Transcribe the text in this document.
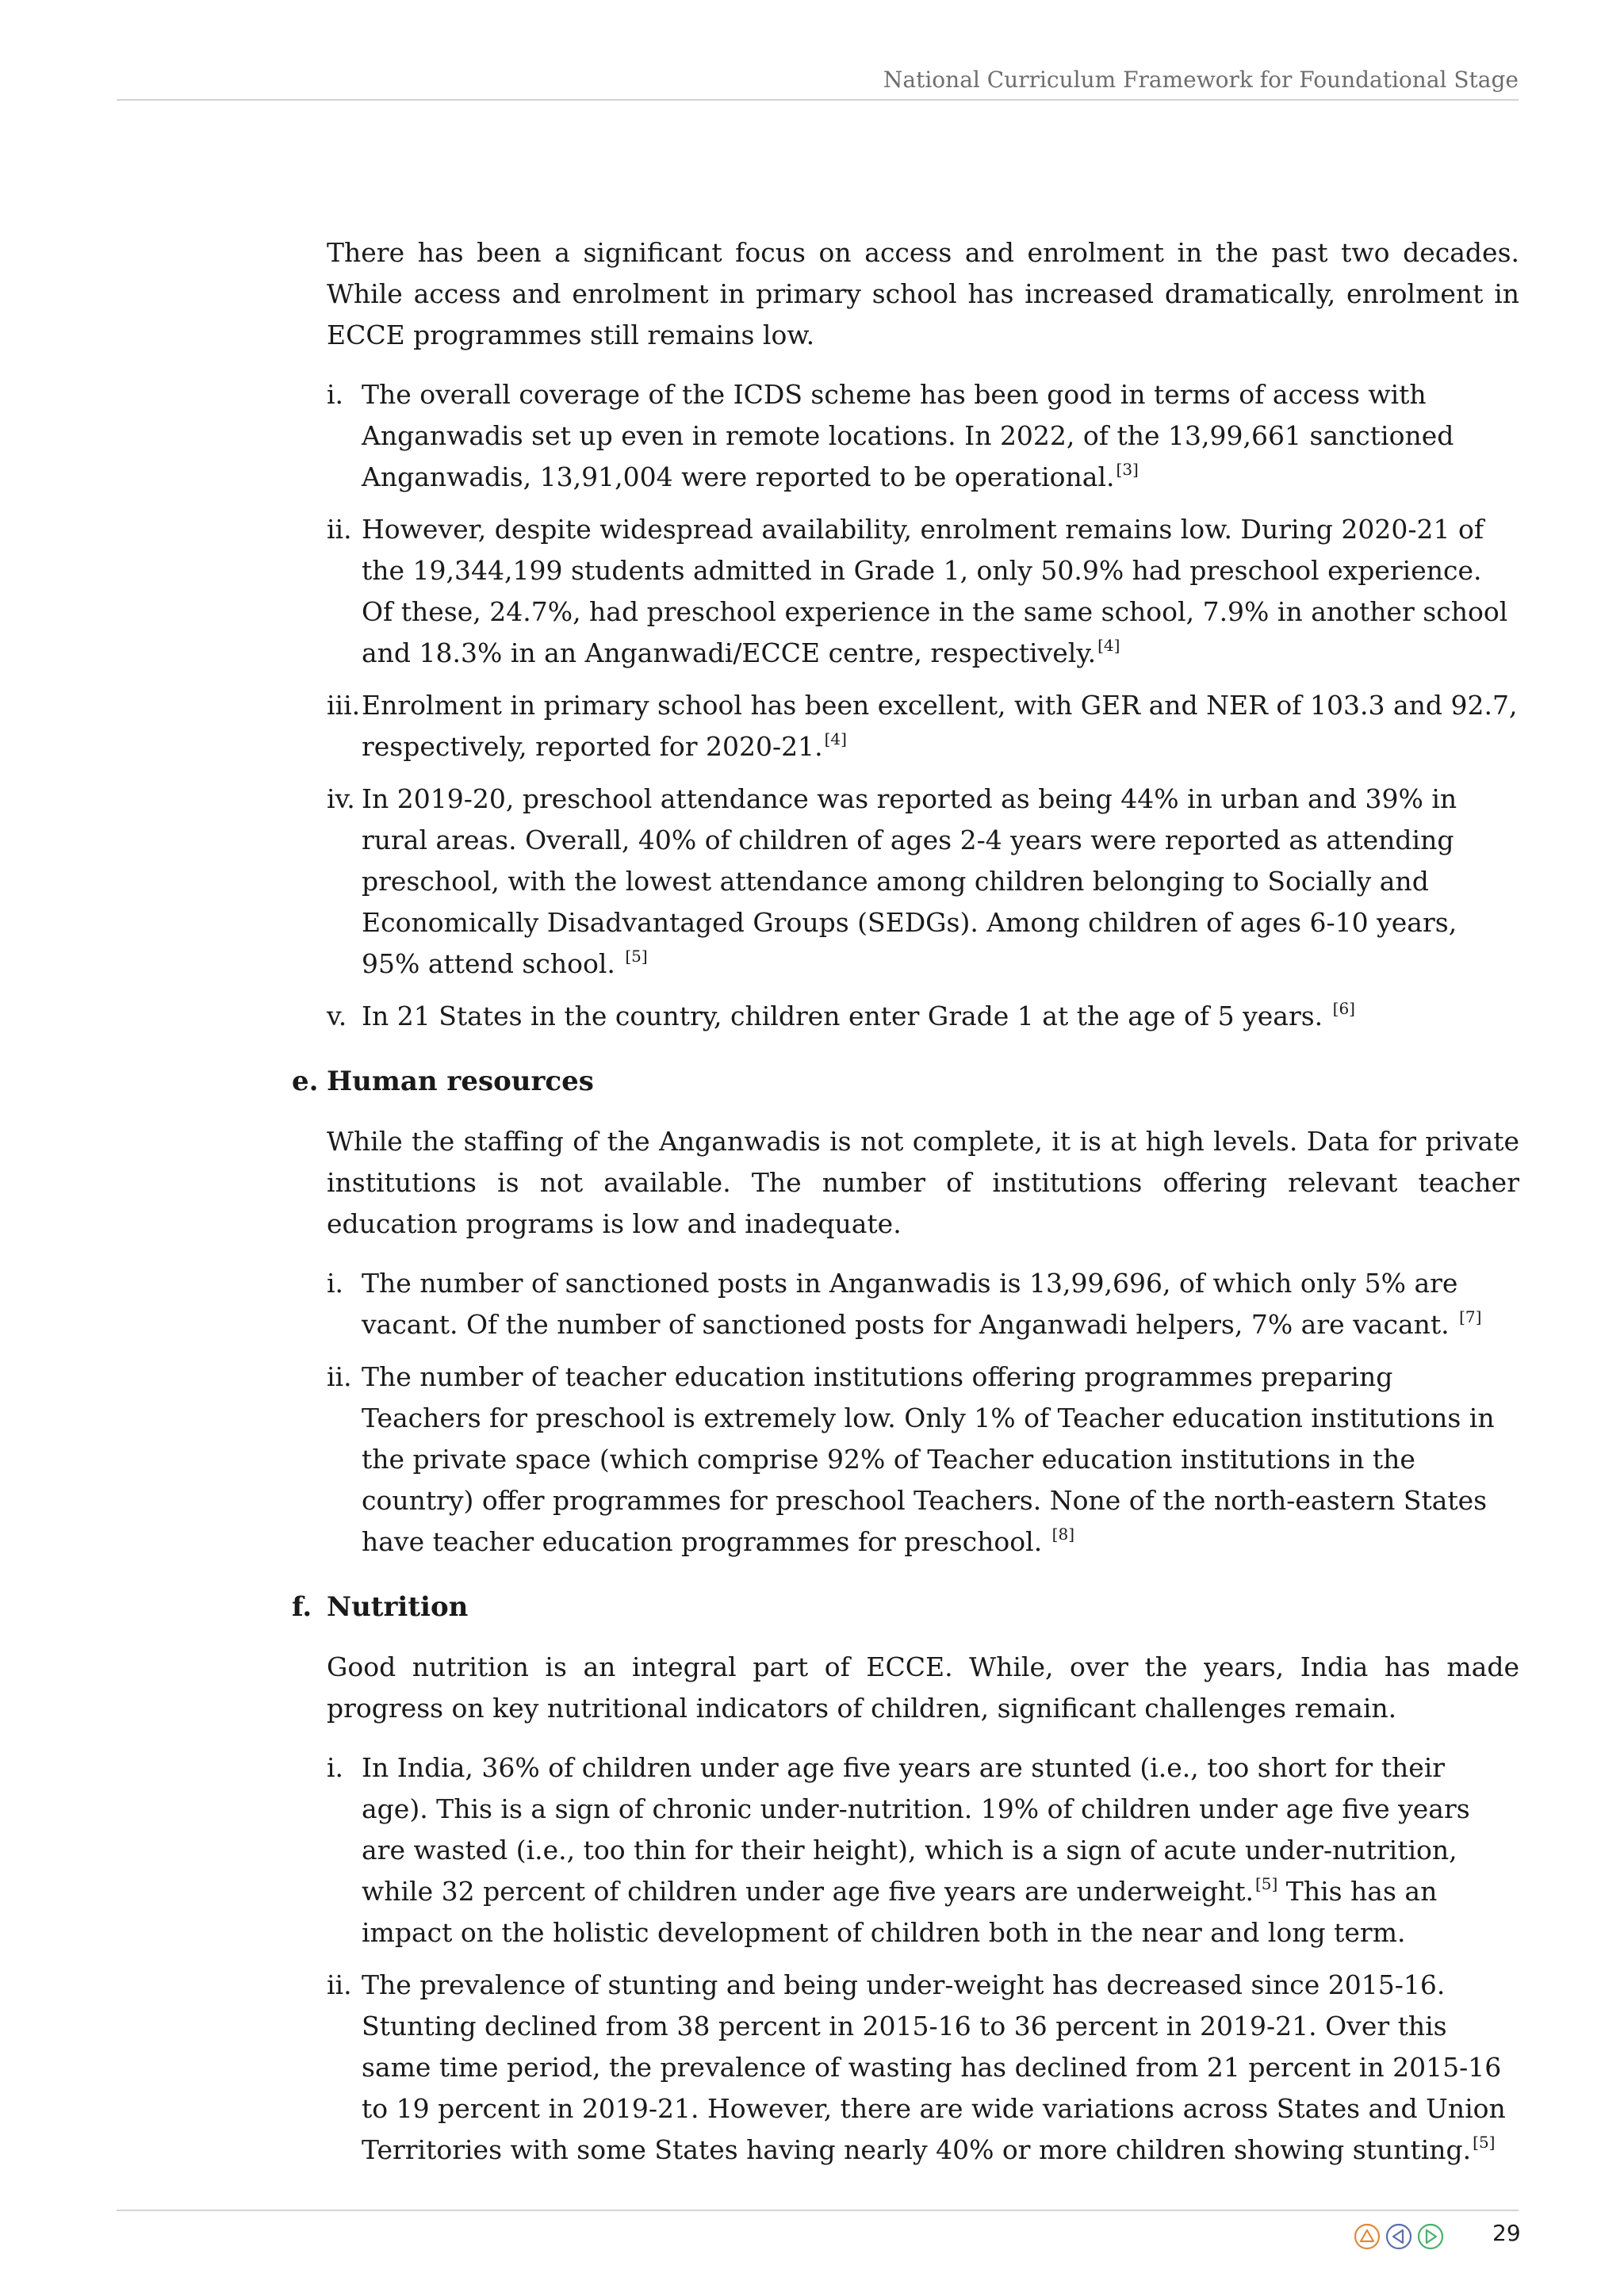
National Curriculum Framework for Foundational Stage

There has been a significant focus on access and enrolment in the past two decades. While access and enrolment in primary school has increased dramatically, enrolment in ECCE programmes still remains low.

i. The overall coverage of the ICDS scheme has been good in terms of access with Anganwadis set up even in remote locations. In 2022, of the 13,99,661 sanctioned Anganwadis, 13,91,004 were reported to be operational. [3]
ii. However, despite widespread availability, enrolment remains low. During 2020-21 of the 19,344,199 students admitted in Grade 1, only 50.9% had preschool experience. Of these, 24.7%, had preschool experience in the same school, 7.9% in another school and 18.3% in an Anganwadi/ECCE centre, respectively. [4]
iii. Enrolment in primary school has been excellent, with GER and NER of 103.3 and 92.7, respectively, reported for 2020-21. [4]
iv. In 2019-20, preschool attendance was reported as being 44% in urban and 39% in rural areas. Overall, 40% of children of ages 2-4 years were reported as attending preschool, with the lowest attendance among children belonging to Socially and Economically Disadvantaged Groups (SEDGs). Among children of ages 6-10 years, 95% attend school. [5]
v. In 21 States in the country, children enter Grade 1 at the age of 5 years. [6]
e. Human resources

While the staffing of the Anganwadis is not complete, it is at high levels. Data for private institutions is not available. The number of institutions offering relevant teacher education programs is low and inadequate.

i. The number of sanctioned posts in Anganwadis is 13,99,696, of which only 5% are vacant. Of the number of sanctioned posts for Anganwadi helpers, 7% are vacant. [7]
ii. The number of teacher education institutions offering programmes preparing Teachers for preschool is extremely low. Only 1% of Teacher education institutions in the private space (which comprise 92% of Teacher education institutions in the country) offer programmes for preschool Teachers. None of the north-eastern States have teacher education programmes for preschool. [8]
f. Nutrition

Good nutrition is an integral part of ECCE. While, over the years, India has made progress on key nutritional indicators of children, significant challenges remain.

i. In India, 36% of children under age five years are stunted (i.e., too short for their age). This is a sign of chronic under-nutrition. 19% of children under age five years are wasted (i.e., too thin for their height), which is a sign of acute under-nutrition, while 32 percent of children under age five years are underweight. [5] This has an impact on the holistic development of children both in the near and long term.
ii. The prevalence of stunting and being under-weight has decreased since 2015-16. Stunting declined from 38 percent in 2015-16 to 36 percent in 2019-21. Over this same time period, the prevalence of wasting has declined from 21 percent in 2015-16 to 19 percent in 2019-21. However, there are wide variations across States and Union Territories with some States having nearly 40% or more children showing stunting. [5]
29
